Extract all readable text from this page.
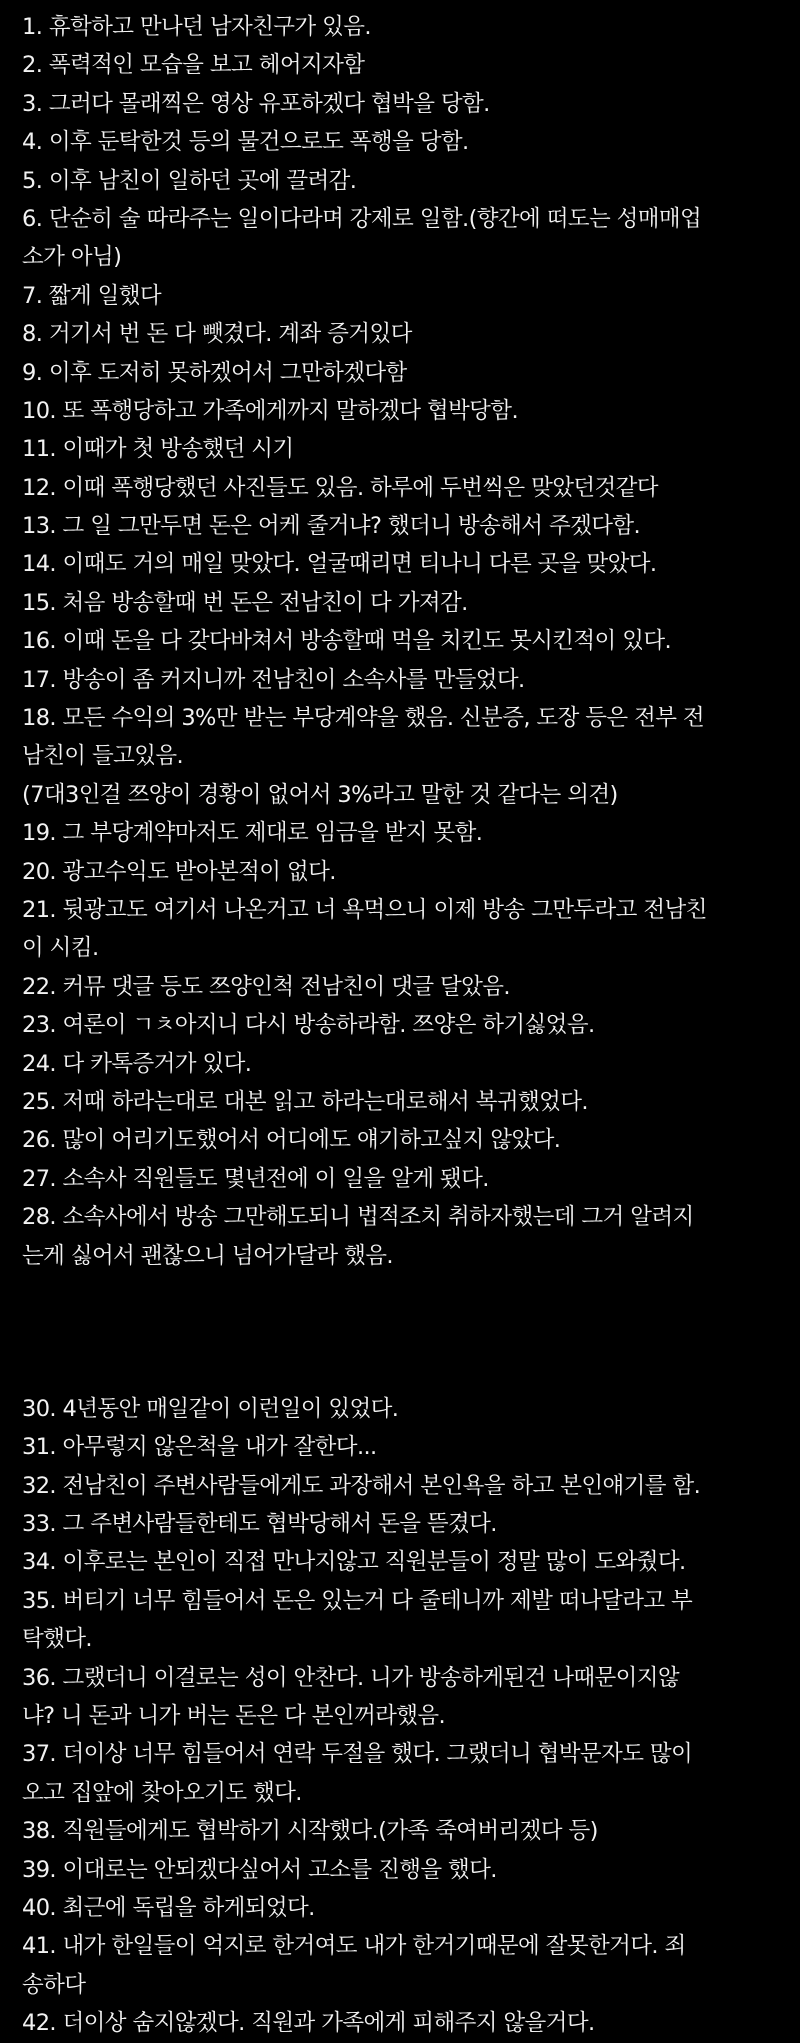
1. 휴학하고 만나던 남자친구가 있음.
2. 폭력적인 모습을 보고 헤어지자함
3. 그러다 몰래찍은 영상 유포하겠다 협박을 당함.
4. 이후 둔탁한것 등의 물건으로도 폭행을 당함.
5. 이후 남친이 일하던 곳에 끌려감.
6. 단순히 술 따라주는 일이다라며 강제로 일함.(향간에 떠도는 성매매업
소가 아님)
7. 짧게 일했다
8. 거기서 번 돈 다 뺏겼다. 계좌 증거있다
9. 이후 도저히 못하겠어서 그만하겠다함
10. 또 폭행당하고 가족에게까지 말하겠다 협박당함.
11. 이때가 첫 방송했던 시기
12. 이때 폭행당했던 사진들도 있음. 하루에 두번씩은 맞았던것같다
13. 그 일 그만두면 돈은 어케 줄거냐? 했더니 방송해서 주겠다함.
14. 이때도 거의 매일 맞았다. 얼굴때리면 티나니 다른 곳을 맞았다.
15. 처음 방송할때 번 돈은 전남친이 다 가져감.
16. 이때 돈을 다 갖다바쳐서 방송할때 먹을 치킨도 못시킨적이 있다.
17. 방송이 좀 커지니까 전남친이 소속사를 만들었다.
18. 모든 수익의 3%만 받는 부당계약을 했음. 신분증, 도장 등은 전부 전
남친이 들고있음.
(7대3인걸 쯔양이 경황이 없어서 3%라고 말한 것 같다는 의견)
19. 그 부당계약마저도 제대로 임금을 받지 못함.
20. 광고수익도 받아본적이 없다.
21. 뒷광고도 여기서 나온거고 너 욕먹으니 이제 방송 그만두라고 전남친
이 시킴.
22. 커뮤 댓글 등도 쯔양인척 전남친이 댓글 달았음.
23. 여론이 ㄱㅊ아지니 다시 방송하라함. 쯔양은 하기싫었음.
24. 다 카톡증거가 있다.
25. 저때 하라는대로 대본 읽고 하라는대로해서 복귀했었다.
26. 많이 어리기도했어서 어디에도 얘기하고싶지 않았다.
27. 소속사 직원들도 몇년전에 이 일을 알게 됐다.
28. 소속사에서 방송 그만해도되니 법적조치 취하자했는데 그거 알려지
는게 싫어서 괜찮으니 넘어가달라 했음.
30. 4년동안 매일같이 이런일이 있었다.
31. 아무렇지 않은척을 내가 잘한다...
32. 전남친이 주변사람들에게도 과장해서 본인욕을 하고 본인얘기를 함.
33. 그 주변사람들한테도 협박당해서 돈을 뜯겼다.
34. 이후로는 본인이 직접 만나지않고 직원분들이 정말 많이 도와줬다.
35. 버티기 너무 힘들어서 돈은 있는거 다 줄테니까 제발 떠나달라고 부
탁했다.
36. 그랬더니 이걸로는 성이 안찬다. 니가 방송하게된건 나때문이지않
냐? 니 돈과 니가 버는 돈은 다 본인꺼라했음.
37. 더이상 너무 힘들어서 연락 두절을 했다. 그랬더니 협박문자도 많이
오고 집앞에 찾아오기도 했다.
38. 직원들에게도 협박하기 시작했다.(가족 죽여버리겠다 등)
39. 이대로는 안되겠다싶어서 고소를 진행을 했다.
40. 최근에 독립을 하게되었다.
41. 내가 한일들이 억지로 한거여도 내가 한거기때문에 잘못한거다. 죄
송하다
42. 더이상 숨지않겠다. 직원과 가족에게 피해주지 않을거다.
